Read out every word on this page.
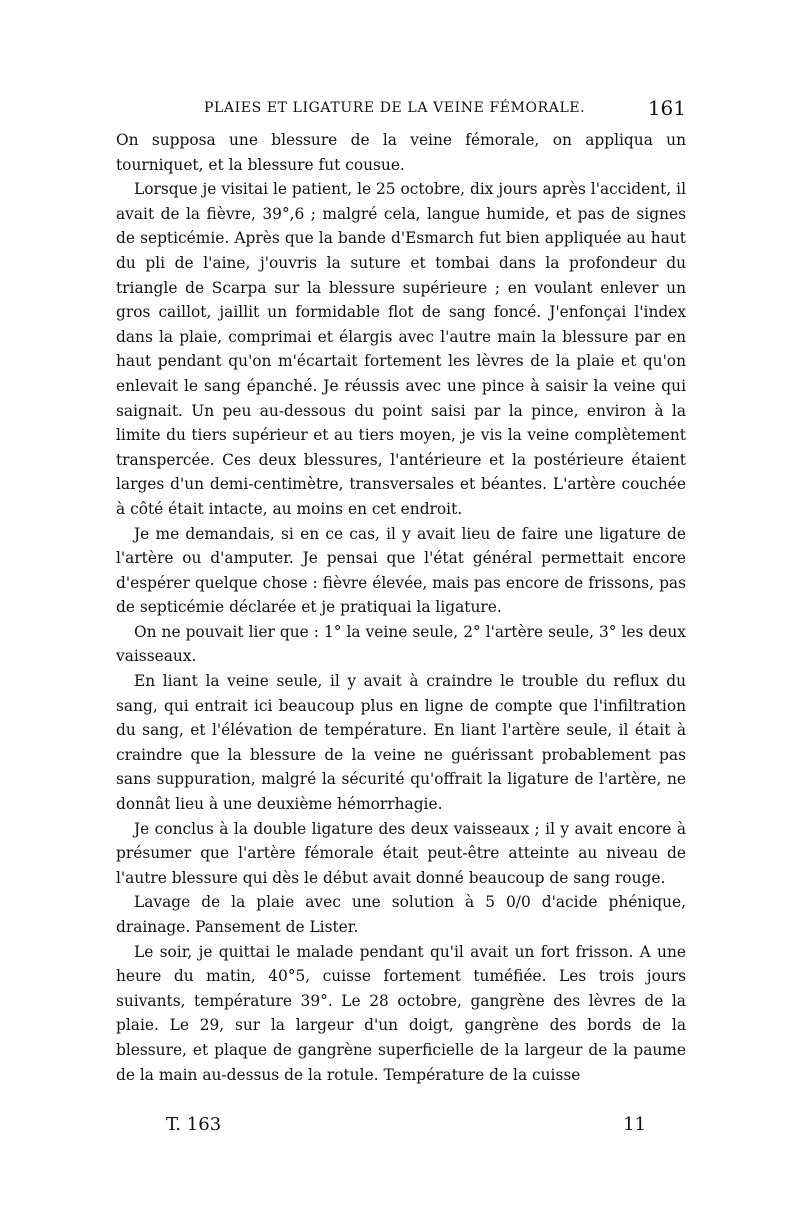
PLAIES ET LIGATURE DE LA VEINE FÉMORALE.	161

On supposa une blessure de la veine fémorale, on appliqua un tourniquet, et la blessure fut cousue.

Lorsque je visitai le patient, le 25 octobre, dix jours après l'accident, il avait de la fièvre, 39°,6 ; malgré cela, langue humide, et pas de signes de septicémie. Après que la bande d'Esmarch fut bien appliquée au haut du pli de l'aine, j'ouvris la suture et tombai dans la profondeur du triangle de Scarpa sur la blessure supérieure ; en voulant enlever un gros caillot, jaillit un formidable flot de sang foncé. J'enfonçai l'index dans la plaie, comprimai et élargis avec l'autre main la blessure par en haut pendant qu'on m'écartait fortement les lèvres de la plaie et qu'on enlevait le sang épanché. Je réussis avec une pince à saisir la veine qui saignait. Un peu au-dessous du point saisi par la pince, environ à la limite du tiers supérieur et au tiers moyen, je vis la veine complètement transpercée. Ces deux blessures, l'antérieure et la postérieure étaient larges d'un demi-centimètre, transversales et béantes. L'artère couchée à côté était intacte, au moins en cet endroit.

Je me demandais, si en ce cas, il y avait lieu de faire une ligature de l'artère ou d'amputer. Je pensai que l'état général permettait encore d'espérer quelque chose : fièvre élevée, mais pas encore de frissons, pas de septicémie déclarée et je pratiquai la ligature.

On ne pouvait lier que : 1° la veine seule, 2° l'artère seule, 3° les deux vaisseaux.

En liant la veine seule, il y avait à craindre le trouble du reflux du sang, qui entrait ici beaucoup plus en ligne de compte que l'infiltration du sang, et l'élévation de température. En liant l'artère seule, il était à craindre que la blessure de la veine ne guérissant probablement pas sans suppuration, malgré la sécurité qu'offrait la ligature de l'artère, ne donnât lieu à une deuxième hémorrhagie.

Je conclus à la double ligature des deux vaisseaux ; il y avait encore à présumer que l'artère fémorale était peut-être atteinte au niveau de l'autre blessure qui dès le début avait donné beaucoup de sang rouge.

Lavage de la plaie avec une solution à 5 0/0 d'acide phénique, drainage. Pansement de Lister.

Le soir, je quittai le malade pendant qu'il avait un fort frisson. A une heure du matin, 40°5, cuisse fortement tuméfiée. Les trois jours suivants, température 39°. Le 28 octobre, gangrène des lèvres de la plaie. Le 29, sur la largeur d'un doigt, gangrène des bords de la blessure, et plaque de gangrène superficielle de la largeur de la paume de la main au-dessus de la rotule. Température de la cuisse

T. 163	11
